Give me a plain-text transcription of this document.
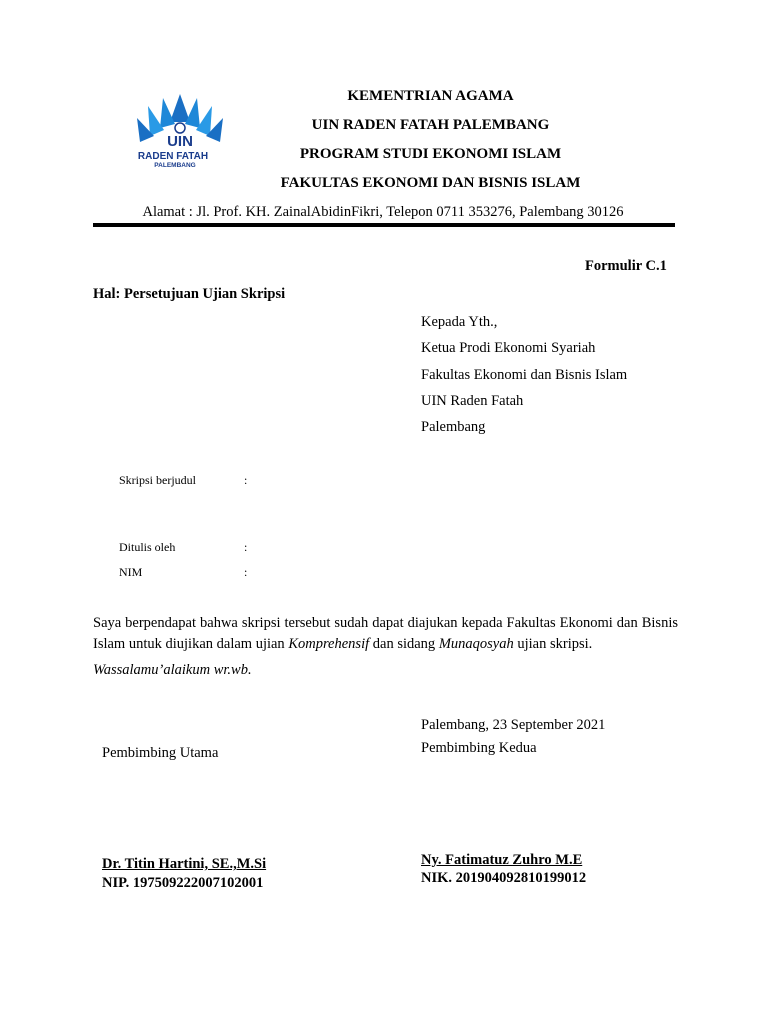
UIN
RADEN FATAH
PALEMBANG
KEMENTRIAN AGAMA
UIN RADEN FATAH PALEMBANG
PROGRAM STUDI EKONOMI ISLAM
FAKULTAS EKONOMI DAN BISNIS ISLAM
Alamat : Jl. Prof. KH. ZainalAbidinFikri, Telepon 0711 353276, Palembang 30126
Formulir C.1
Hal: Persetujuan Ujian Skripsi
Kepada Yth.,
Ketua Prodi Ekonomi Syariah
Fakultas Ekonomi dan Bisnis Islam
UIN Raden Fatah
Palembang
Skripsi berjudul	:
Ditulis oleh	:
NIM	:
Saya berpendapat bahwa skripsi tersebut sudah dapat diajukan kepada Fakultas Ekonomi dan Bisnis Islam untuk diujikan dalam ujian Komprehensif dan sidang Munaqosyah ujian skripsi.
Wassalamu’alaikum wr.wb.
Palembang, 23 September 2021
Pembimbing Utama	Pembimbing Kedua
Dr. Titin Hartini, SE.,M.Si
NIP. 197509222007102001
Ny. Fatimatuz Zuhro M.E
NIK. 201904092810199012
